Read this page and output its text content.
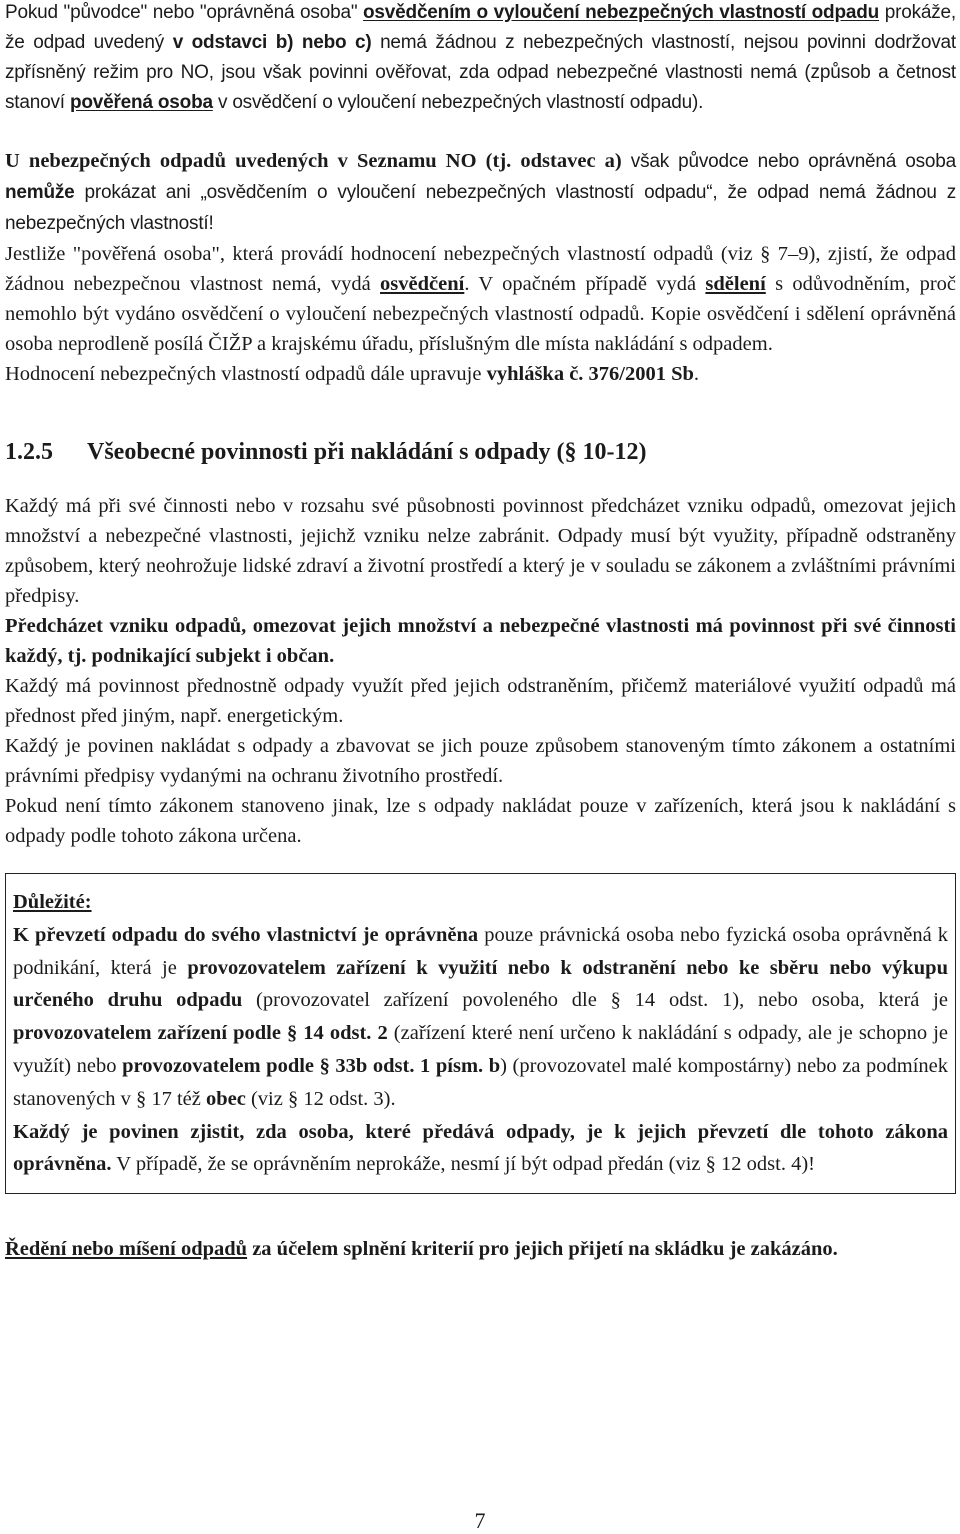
Pokud "původce" nebo "oprávněná osoba" osvědčením o vyloučení nebezpečných vlastností odpadu prokáže, že odpad uvedený v odstavci b) nebo c) nemá žádnou z nebezpečných vlastností, nejsou povinni dodržovat zpřísněný režim pro NO, jsou však povinni ověřovat, zda odpad nebezpečné vlastnosti nemá (způsob a četnost stanoví pověřená osoba v osvědčení o vyloučení nebezpečných vlastností odpadu).

U nebezpečných odpadů uvedených v Seznamu NO (tj. odstavec a) však původce nebo oprávněná osoba nemůže prokázat ani „osvědčením o vyloučení nebezpečných vlastností odpadu“, že odpad nemá žádnou z nebezpečných vlastností!

Jestliže "pověřená osoba", která provádí hodnocení nebezpečných vlastností odpadů (viz § 7–9), zjistí, že odpad žádnou nebezpečnou vlastnost nemá, vydá osvědčení. V opačném případě vydá sdělení s odůvodněním, proč nemohlo být vydáno osvědčení o vyloučení nebezpečných vlastností odpadů. Kopie osvědčení i sdělení oprávněná osoba neprodleně posílá ČIŽP a krajskému úřadu, příslušným dle místa nakládání s odpadem.

Hodnocení nebezpečných vlastností odpadů dále upravuje vyhláška č. 376/2001 Sb.

1.2.5 Všeobecné povinnosti při nakládání s odpady (§ 10-12)

Každý má při své činnosti nebo v rozsahu své působnosti povinnost předcházet vzniku odpadů, omezovat jejich množství a nebezpečné vlastnosti, jejichž vzniku nelze zabránit. Odpady musí být využity, případně odstraněny způsobem, který neohrožuje lidské zdraví a životní prostředí a který je v souladu se zákonem a zvláštními právními předpisy.

Předcházet vzniku odpadů, omezovat jejich množství a nebezpečné vlastnosti má povinnost při své činnosti každý, tj. podnikající subjekt i občan.

Každý má povinnost přednostně odpady využít před jejich odstraněním, přičemž materiálové využití odpadů má přednost před jiným, např. energetickým.

Každý je povinen nakládat s odpady a zbavovat se jich pouze způsobem stanoveným tímto zákonem a ostatními právními předpisy vydanými na ochranu životního prostředí.

Pokud není tímto zákonem stanoveno jinak, lze s odpady nakládat pouze v zařízeních, která jsou k nakládání s odpady podle tohoto zákona určena.

Důležité:

K převzetí odpadu do svého vlastnictví je oprávněna pouze právnická osoba nebo fyzická osoba oprávněná k podnikání, která je provozovatelem zařízení k využití nebo k odstranění nebo ke sběru nebo výkupu určeného druhu odpadu (provozovatel zařízení povoleného dle § 14 odst. 1), nebo osoba, která je provozovatelem zařízení podle § 14 odst. 2 (zařízení které není určeno k nakládání s odpady, ale je schopno je využít) nebo provozovatelem podle § 33b odst. 1 písm. b) (provozovatel malé kompostárny) nebo za podmínek stanovených v § 17 též obec (viz § 12 odst. 3).

Každý je povinen zjistit, zda osoba, které předává odpady, je k jejich převzetí dle tohoto zákona oprávněna. V případě, že se oprávněním neprokáže, nesmí jí být odpad předán (viz § 12 odst. 4)!

Ředění nebo míšení odpadů za účelem splnění kriterií pro jejich přijetí na skládku je zakázáno.

7
